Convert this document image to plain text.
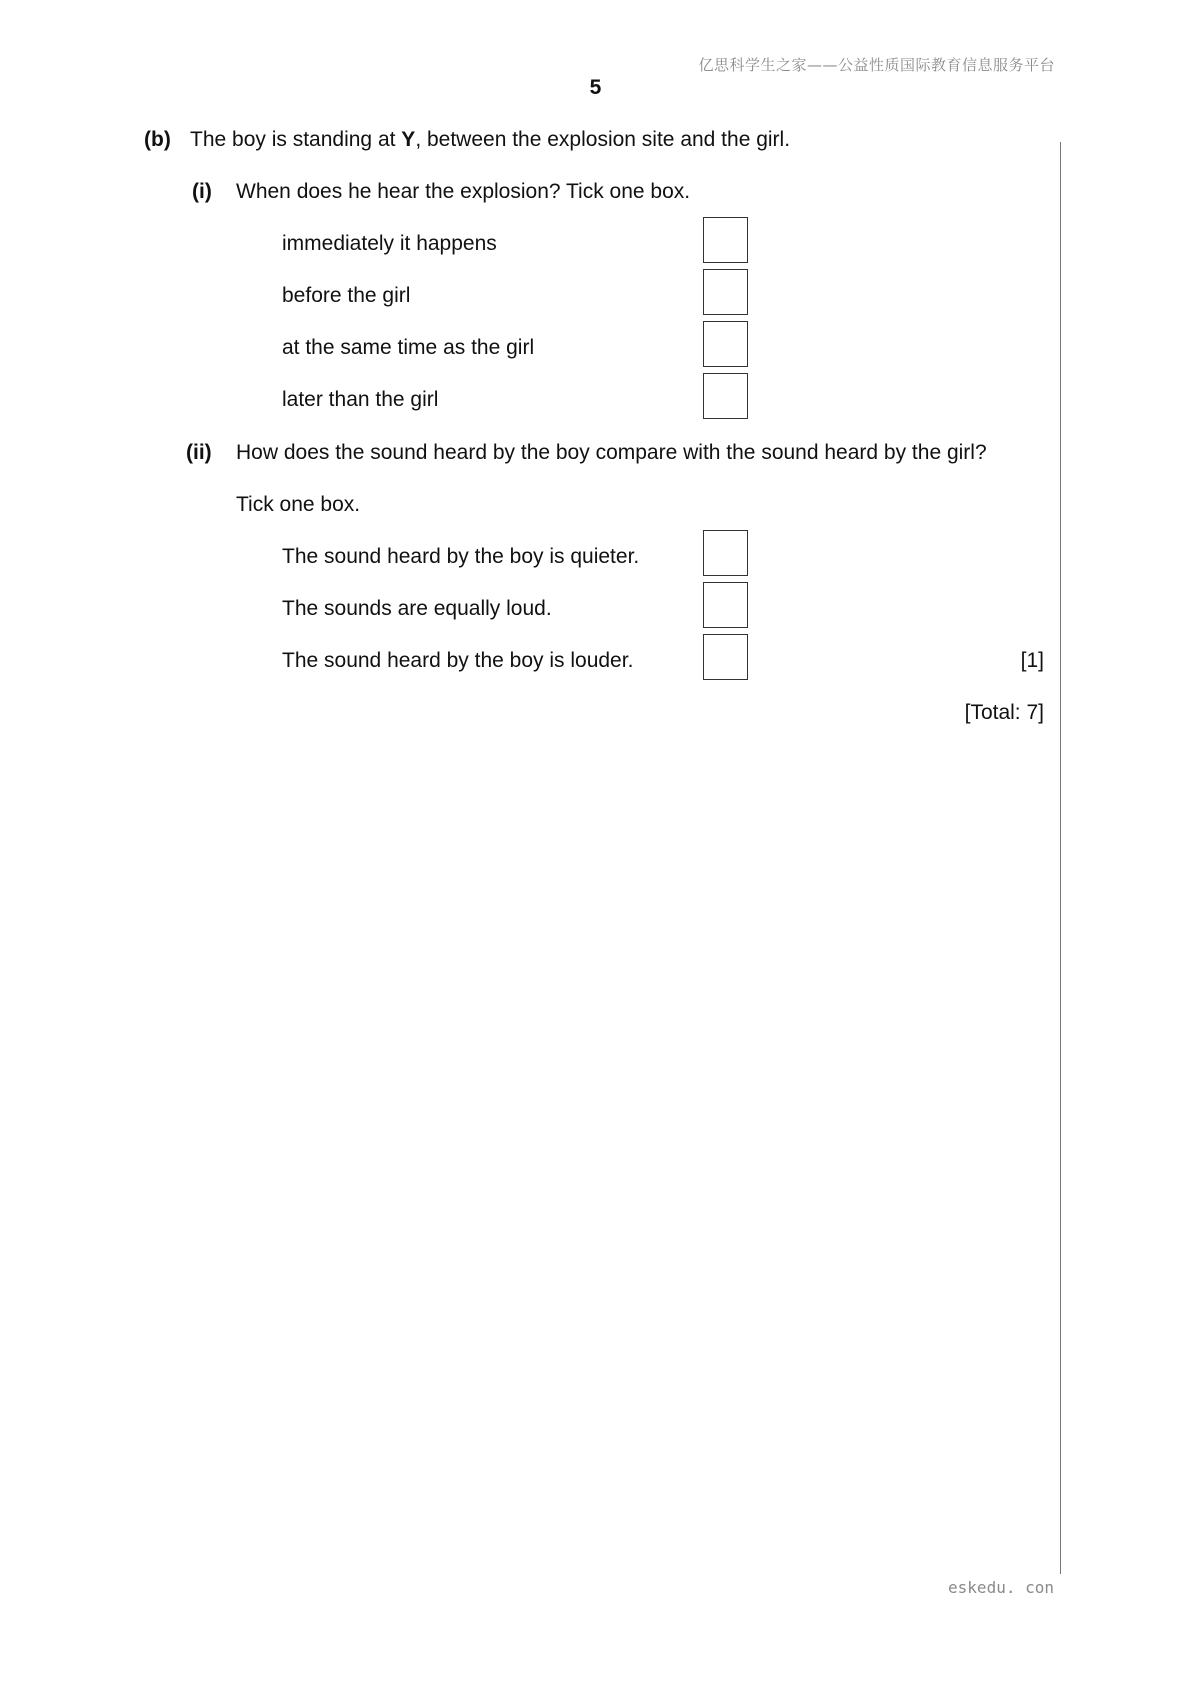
亿思科学生之家——公益性质国际教育信息服务平台
5
(b) The boy is standing at Y, between the explosion site and the girl.
(i) When does he hear the explosion? Tick one box.
immediately it happens
before the girl
at the same time as the girl
later than the girl
(ii) How does the sound heard by the boy compare with the sound heard by the girl?
Tick one box.
The sound heard by the boy is quieter.
The sounds are equally loud.
The sound heard by the boy is louder.	[1]
[Total: 7]
eskedu. con
